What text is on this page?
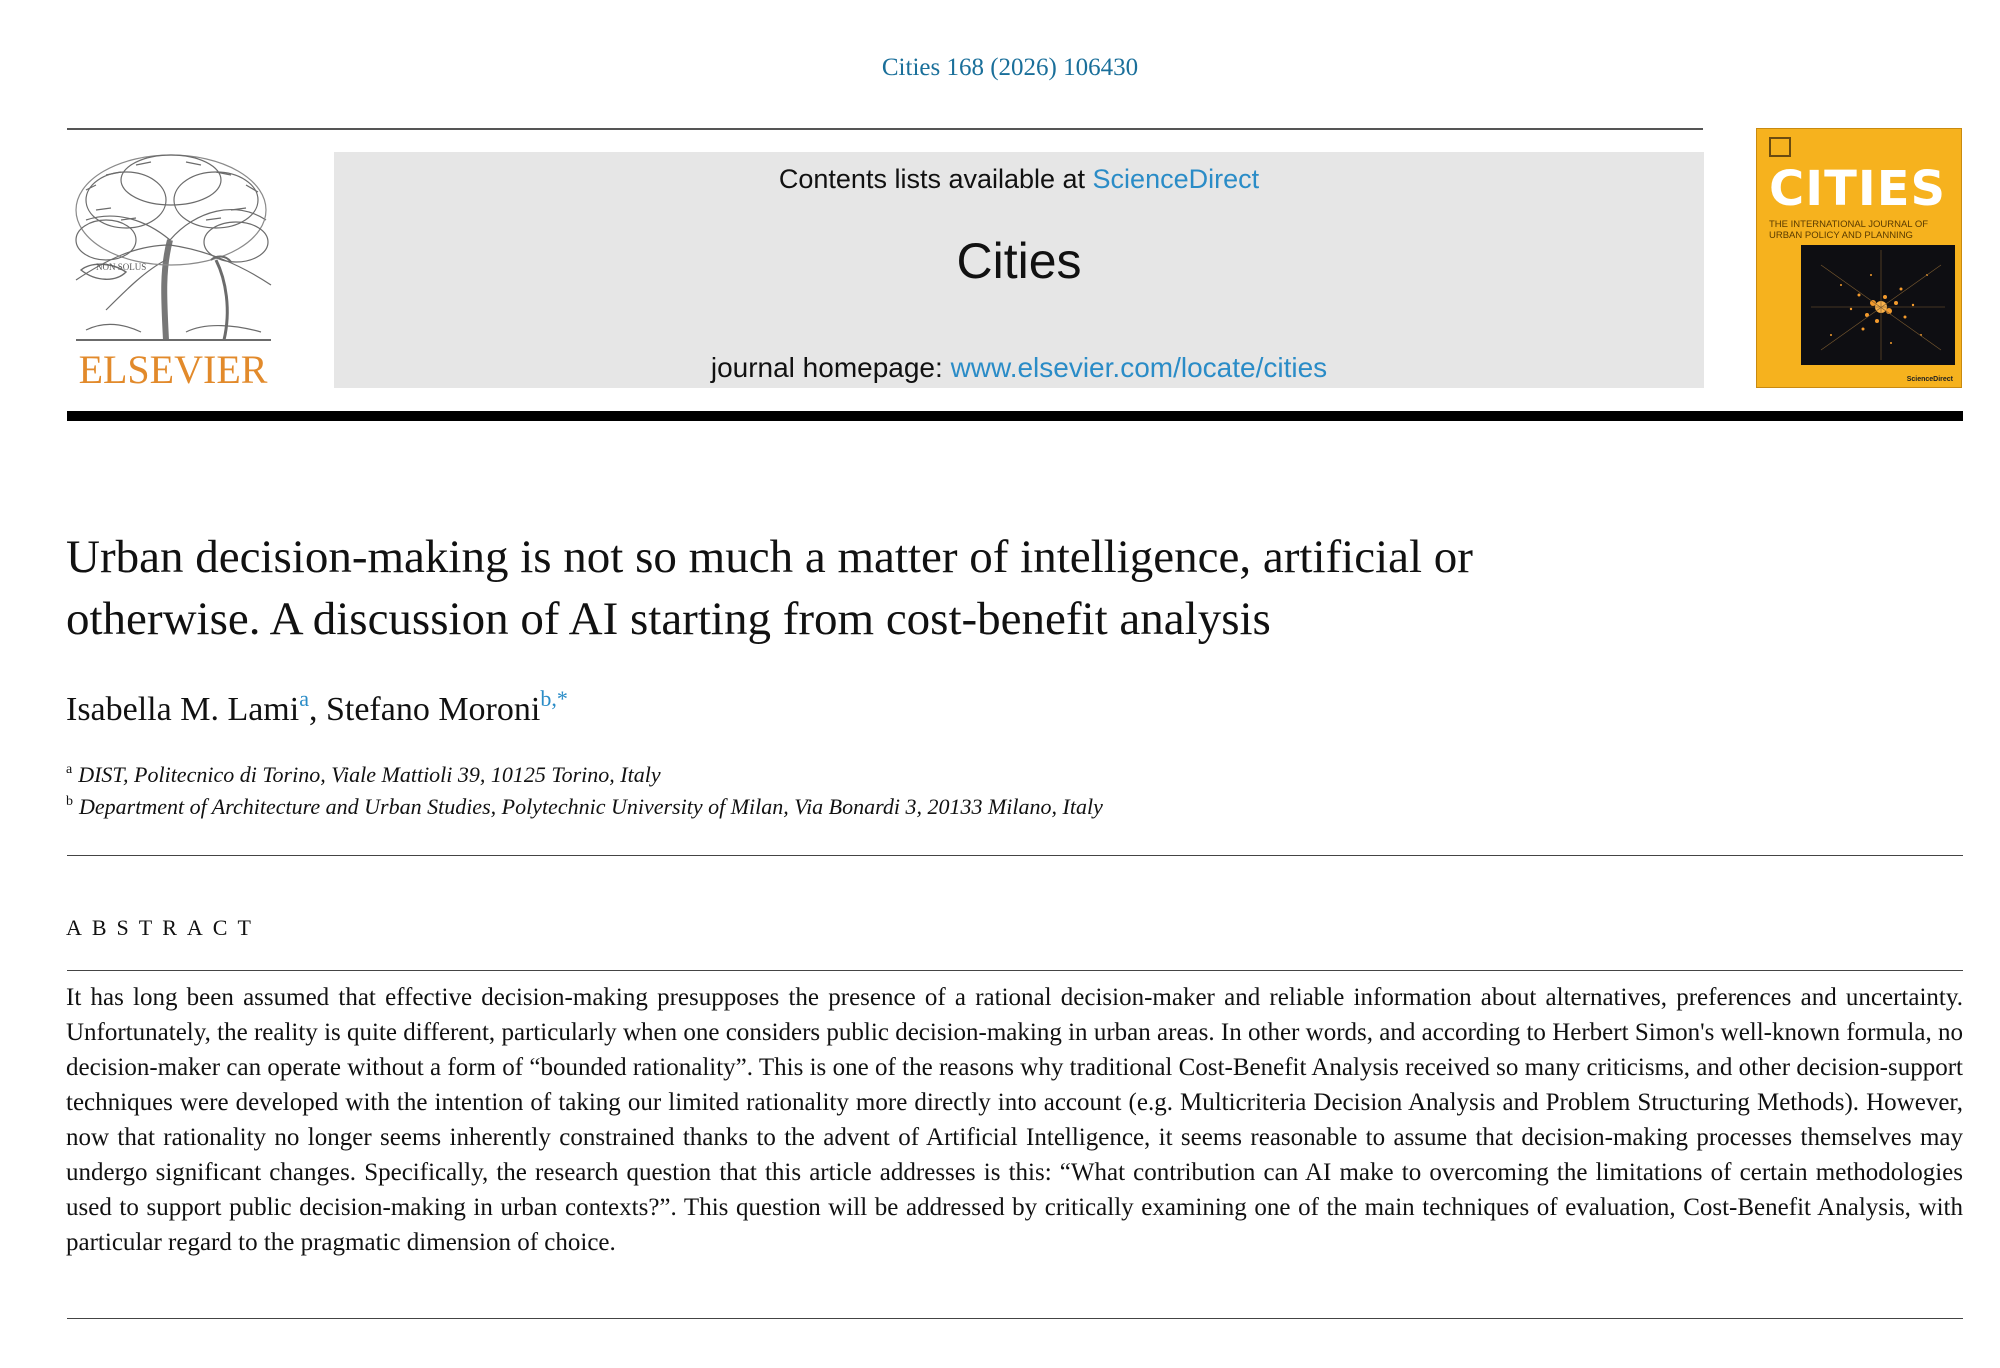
Cities 168 (2026) 106430
NON SOLUS
ELSEVIER
Contents lists available at ScienceDirect
Cities
journal homepage: www.elsevier.com/locate/cities
CITIES
THE INTERNATIONAL JOURNAL OF URBAN POLICY AND PLANNING
ScienceDirect
Urban decision-making is not so much a matter of intelligence, artificial or
otherwise. A discussion of AI starting from cost-benefit analysis
Isabella M. Lami$^a$, Stefano Moroni$^{b,*}$
$^a$ DIST, Politecnico di Torino, Viale Mattioli 39, 10125 Torino, Italy
$^b$ Department of Architecture and Urban Studies, Polytechnic University of Milan, Via Bonardi 3, 20133 Milano, Italy
ABSTRACT
It has long been assumed that effective decision-making presupposes the presence of a rational decision-maker and reliable information about alternatives, preferences and uncertainty. Unfortunately, the reality is quite different, particularly when one considers public decision-making in urban areas. In other words, and according to Herbert Simon's well-known formula, no decision-maker can operate without a form of “bounded rationality”. This is one of the reasons why traditional Cost-Benefit Analysis received so many criticisms, and other decision-support techniques were developed with the intention of taking our limited rationality more directly into account (e.g. Multicriteria Decision Analysis and Problem Structuring Methods). However, now that rationality no longer seems inherently constrained thanks to the advent of Artificial Intelligence, it seems reasonable to assume that decision-making processes themselves may undergo significant changes. Specifically, the research question that this article addresses is this: “What contribution can AI make to overcoming the limitations of certain methodologies used to support public decision-making in urban contexts?”. This question will be addressed by critically examining one of the main techniques of evaluation, Cost-Benefit Analysis, with particular regard to the pragmatic dimension of choice.
